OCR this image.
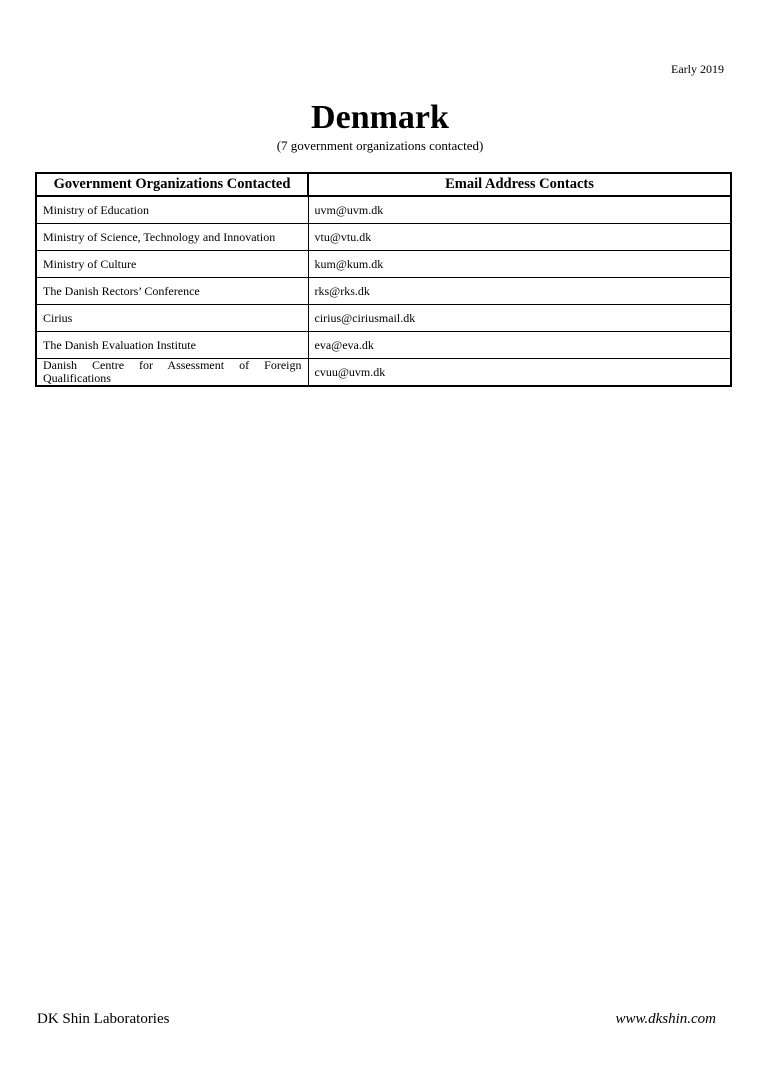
Early 2019
Denmark
(7 government organizations contacted)
Government Organizations Contacted	Email Address Contacts
Ministry of Education	uvm@uvm.dk
Ministry of Science, Technology and Innovation	vtu@vtu.dk
Ministry of Culture	kum@kum.dk
The Danish Rectors’ Conference	rks@rks.dk
Cirius	cirius@ciriusmail.dk
The Danish Evaluation Institute	eva@eva.dk
Danish Centre for Assessment of Foreign Qualifications	cvuu@uvm.dk
DK Shin Laboratories	www.dkshin.com
